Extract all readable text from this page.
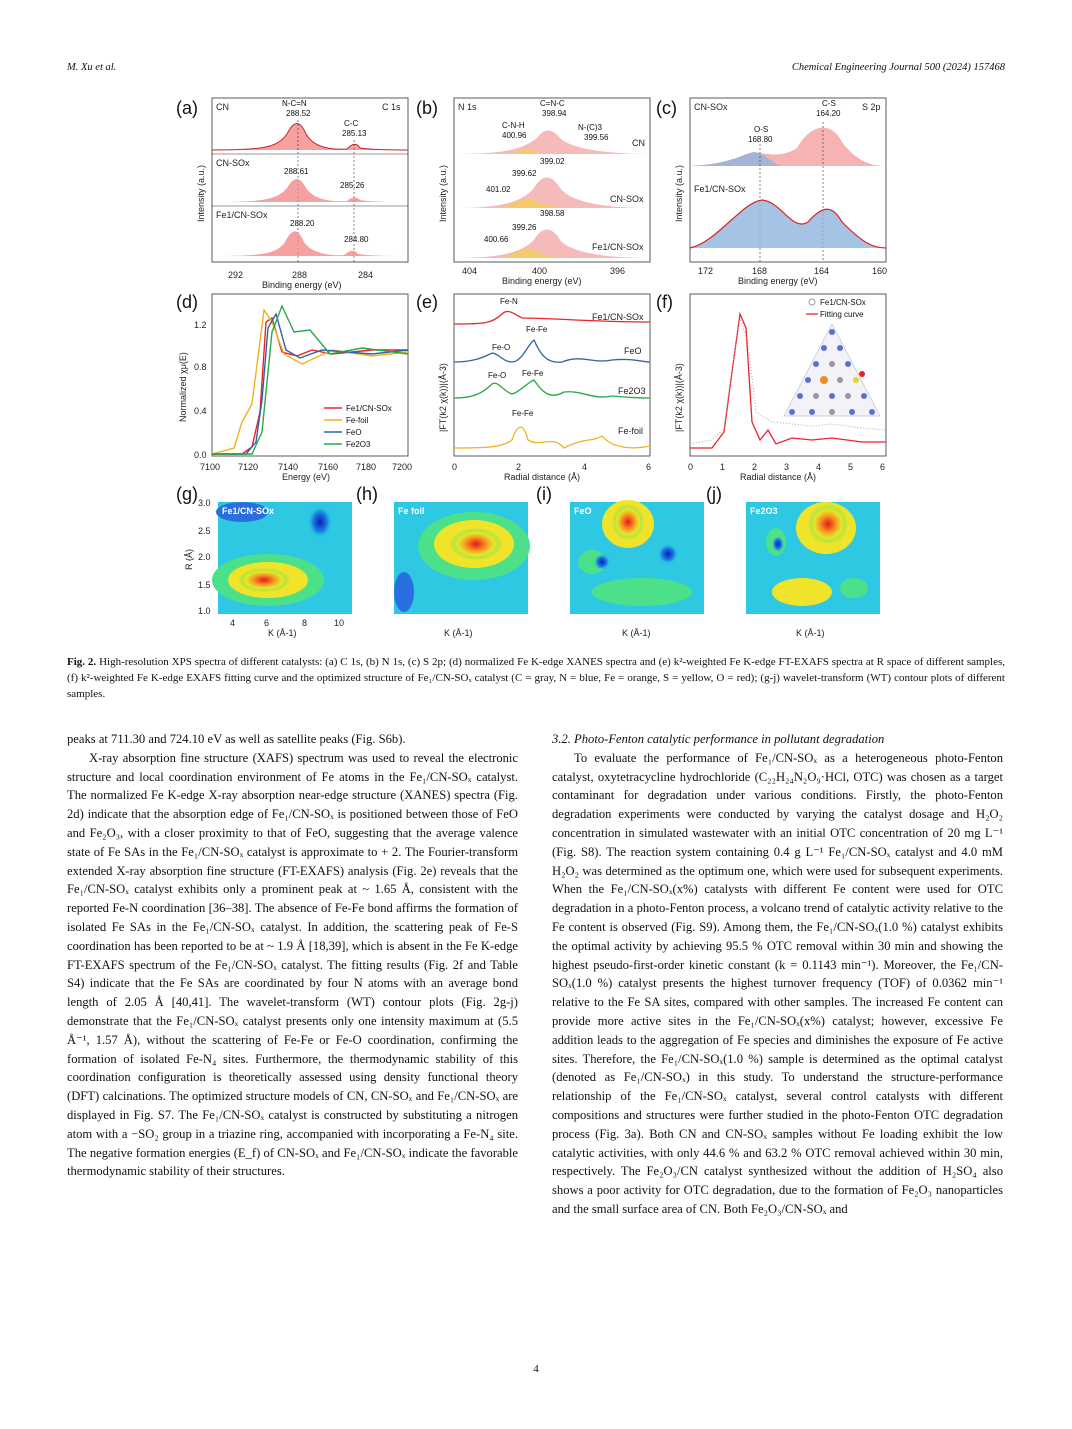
M. Xu et al.	Chemical Engineering Journal 500 (2024) 157468
(a) CN	C 1s
N-C=N
288.52
C-C
285.13
CN-SOx
288.61
285.26
Fe1/CN-SOx
288.20
284.80
292	288	284
Binding energy (eV)
Intensity (a.u.)
(b) N 1s	C=N-C
398.94
C-N-H
400.96
N-(C)3
399.56
CN
399.02
399.62
401.02
CN-SOx
398.58
399.26
400.66
Fe1/CN-SOx
404	400	396
Binding energy (eV)
Intensity (a.u.)
(c) CN-SOx	S 2p
C-S
164.20
O-S
168.80
Fe1/CN-SOx
172	168	164	160
Binding energy (eV)
Intensity (a.u.)
(d)
Fe1/CN-SOx
Fe-foil
FeO
Fe2O3
0.0
0.4
0.8
1.2
7100 7120 7140 7160 7180 7200
Energy (eV)
Normalized χμ(E)
(e)	Fe-N
Fe1/CN-SOx
Fe-O
Fe-Fe
FeO
Fe-O Fe-Fe
Fe2O3
Fe-Fe
Fe-foil
0	2	4	6
Radial distance (Å)
|FT(k2 χ(k))|(Å-3)
(f)	Fe1/CN-SOx
Fitting curve
0	1	2	3	4	5	6
Radial distance (Å)
|FT(k2 χ(k))|(Å-3)
(g)
Fe1/CN-SOx
(h)
Fe foil
(i)
FeO
(j)
Fe2O3
3.0
2.5
2.0
1.5
1.0
R (Å)
4	6	8	10
K (Å-1)	K (Å-1)	K (Å-1)	K (Å-1)
Fig. 2. High-resolution XPS spectra of different catalysts: (a) C 1s, (b) N 1s, (c) S 2p; (d) normalized Fe K-edge XANES spectra and (e) k²-weighted Fe K-edge FT-EXAFS spectra at R space of different samples, (f) k²-weighted Fe K-edge EXAFS fitting curve and the optimized structure of Fe₁/CN-SOₓ catalyst (C = gray, N = blue, Fe = orange, S = yellow, O = red); (g-j) wavelet-transform (WT) contour plots of different samples.

peaks at 711.30 and 724.10 eV as well as satellite peaks (Fig. S6b).

X-ray absorption fine structure (XAFS) spectrum was used to reveal the electronic structure and local coordination environment of Fe atoms in the Fe₁/CN-SOₓ catalyst. The normalized Fe K-edge X-ray absorption near-edge structure (XANES) spectra (Fig. 2d) indicate that the absorption edge of Fe₁/CN-SOₓ is positioned between those of FeO and Fe₂O₃, with a closer proximity to that of FeO, suggesting that the average valence state of Fe SAs in the Fe₁/CN-SOₓ catalyst is approximate to + 2. The Fourier-transform extended X-ray absorption fine structure (FT-EXAFS) analysis (Fig. 2e) reveals that the Fe₁/CN-SOₓ catalyst exhibits only a prominent peak at ~ 1.65 Å, consistent with the reported Fe-N coordination [36–38]. The absence of Fe-Fe bond affirms the formation of isolated Fe SAs in the Fe₁/CN-SOₓ catalyst. In addition, the scattering peak of Fe-S coordination has been reported to be at ~ 1.9 Å [18,39], which is absent in the Fe K-edge FT-EXAFS spectrum of the Fe₁/CN-SOₓ catalyst. The fitting results (Fig. 2f and Table S4) indicate that the Fe SAs are coordinated by four N atoms with an average bond length of 2.05 Å [40,41]. The wavelet-transform (WT) contour plots (Fig. 2g-j) demonstrate that the Fe₁/CN-SOₓ catalyst presents only one intensity maximum at (5.5 Å⁻¹, 1.57 Å), without the scattering of Fe-Fe or Fe-O coordination, confirming the formation of isolated Fe-N₄ sites. Furthermore, the thermodynamic stability of this coordination configuration is theoretically assessed using density functional theory (DFT) calcinations. The optimized structure models of CN, CN-SOₓ and Fe₁/CN-SOₓ are displayed in Fig. S7. The Fe₁/CN-SOₓ catalyst is constructed by substituting a nitrogen atom with a −SO₂ group in a triazine ring, accompanied with incorporating a Fe-N₄ site. The negative formation energies (E_f) of CN-SOₓ and Fe₁/CN-SOₓ indicate the favorable thermodynamic stability of their structures.

3.2. Photo-Fenton catalytic performance in pollutant degradation

To evaluate the performance of Fe₁/CN-SOₓ as a heterogeneous photo-Fenton catalyst, oxytetracycline hydrochloride (C₂₂H₂₄N₂O₉·HCl, OTC) was chosen as a target contaminant for degradation under various conditions. Firstly, the photo-Fenton degradation experiments were conducted by varying the catalyst dosage and H₂O₂ concentration in simulated wastewater with an initial OTC concentration of 20 mg L⁻¹ (Fig. S8). The reaction system containing 0.4 g L⁻¹ Fe₁/CN-SOₓ catalyst and 4.0 mM H₂O₂ was determined as the optimum one, which were used for subsequent experiments. When the Fe₁/CN-SOₓ(x%) catalysts with different Fe content were used for OTC degradation in a photo-Fenton process, a volcano trend of catalytic activity relative to the Fe content is observed (Fig. S9). Among them, the Fe₁/CN-SOₓ(1.0 %) catalyst exhibits the optimal activity by achieving 95.5 % OTC removal within 30 min and showing the highest pseudo-first-order kinetic constant (k = 0.1143 min⁻¹). Moreover, the Fe₁/CN-SOₓ(1.0 %) catalyst presents the highest turnover frequency (TOF) of 0.0362 min⁻¹ relative to the Fe SA sites, compared with other samples. The increased Fe content can provide more active sites in the Fe₁/CN-SOₓ(x%) catalyst; however, excessive Fe addition leads to the aggregation of Fe species and diminishes the exposure of Fe active sites. Therefore, the Fe₁/CN-SOₓ(1.0 %) sample is determined as the optimal catalyst (denoted as Fe₁/CN-SOₓ) in this study. To understand the structure-performance relationship of the Fe₁/CN-SOₓ catalyst, several control catalysts with different compositions and structures were further studied in the photo-Fenton OTC degradation process (Fig. 3a). Both CN and CN-SOₓ samples without Fe loading exhibit the low catalytic activities, with only 44.6 % and 63.2 % OTC removal achieved within 30 min, respectively. The Fe₂O₃/CN catalyst synthesized without the addition of H₂SO₄ also shows a poor activity for OTC degradation, due to the formation of Fe₂O₃ nanoparticles and the small surface area of CN. Both Fe₂O₃/CN-SOₓ and

4
